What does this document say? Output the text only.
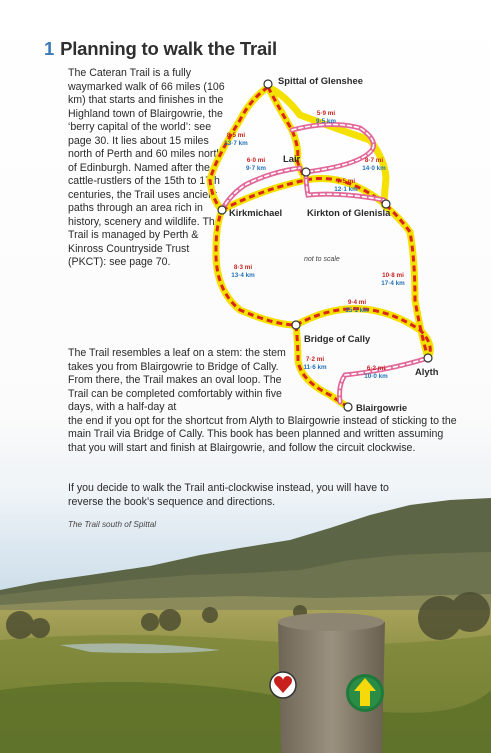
1 Planning to walk the Trail
The Cateran Trail is a fully waymarked walk of 66 miles (106 km) that starts and finishes in the Highland town of Blairgowrie, the ‘berry capital of the world’: see page 30. It lies about 15 miles north of Perth and 60 miles north of Edinburgh. Named after the cattle-rustlers of the 15th to 17th centuries, the Trail uses ancient paths through an area rich in history, scenery and wildlife. The Trail is managed by Perth & Kinross Countryside Trust (PKCT): see page 70.

The Trail resembles a leaf on a stem: the stem takes you from Blairgowrie to Bridge of Cally. From there, the Trail makes an oval loop. The Trail can be completed comfortably within five days, with a half-day at
the end if you opt for the shortcut from Alyth to Blairgowrie instead of sticking to the main Trail via Bridge of Cally. This book has been planned and written assuming that you will start and finish at Blairgowrie, and follow the circuit clockwise.

If you decide to walk the Trail anti-clockwise instead, you will have to reverse the book’s sequence and directions.

The Trail south of Spittal
Spittal of Glenshee
Lair
Kirkmichael	Kirkton of Glenisla
Bridge of Cally
Alyth
Blairgowrie
not to scale
8·5 mi
13·7 km
5·9 mi
9·5 km
6·0 mi
9·7 km
8·7 mi
14·0 km
7·5 mi
12·1 km
8·3 mi
13·4 km	10·8 mi
17·4 km
9·4 mi
15·1 km
7·2 mi
11·6 km	6·2 mi
10·0 km
